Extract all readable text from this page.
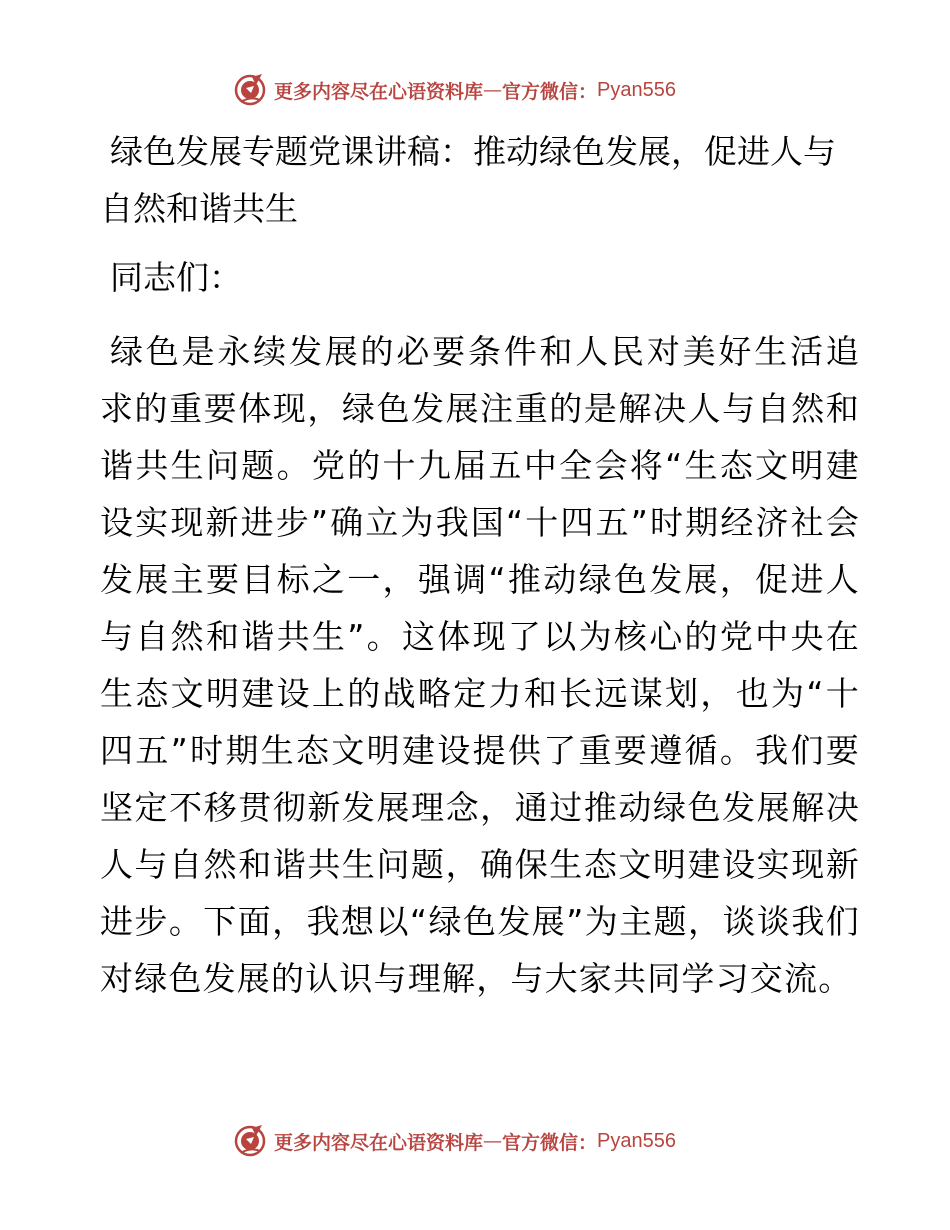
更多内容尽在心语资料库 — 官方微信： Pyan556
绿色发展专题党课讲稿：推动绿色发展，促进人与自然和谐共生

同志们：

绿色是永续发展的必要条件和人民对美好生活追求的重要体现，绿色发展注重的是解决人与自然和谐共生问题。党的十九届五中全会将“生态文明建设实现新进步”确立为我国“十四五”时期经济社会发展主要目标之一，强调“推动绿色发展，促进人与自然和谐共生”。这体现了以为核心的党中央在生态文明建设上的战略定力和长远谋划，也为“十四五”时期生态文明建设提供了重要遵循。我们要坚定不移贯彻新发展理念，通过推动绿色发展解决人与自然和谐共生问题，确保生态文明建设实现新进步。下面，我想以“绿色发展”为主题，谈谈我们对绿色发展的认识与理解，与大家共同学习交流。

更多内容尽在心语资料库 — 官方微信： Pyan556
